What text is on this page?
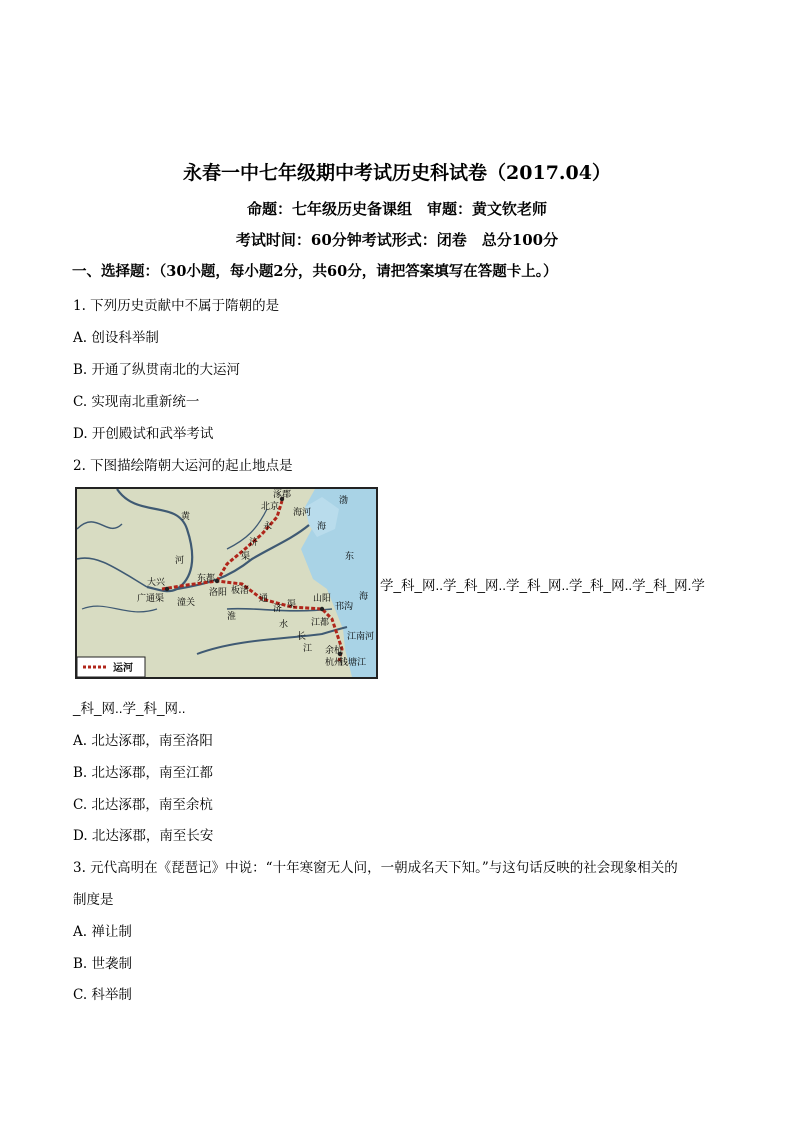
永春一中七年级期中考试历史科试卷（2017.04）
命题：七年级历史备课组　审题：黄文钦老师
考试时间：60分钟考试形式：闭卷　总分100分
一、选择题：（30小题，每小题2分，共60分，请把答案填写在答题卡上。）
1. 下列历史贡献中不属于隋朝的是
A. 创设科举制
B. 开通了纵贯南北的大运河
C. 实现南北重新统一
D. 开创殿试和武举考试
2. 下图描绘隋朝大运河的起止地点是
涿郡
北京
海河
渤
海
黄
河
永
济
渠
大兴
潼关
东都
洛阳 板渚
通
济 渠
广通渠	山阳
邗沟
江都
淮
水
长
江
东
海
江南河
余杭
杭州
钱塘江
运河
学_科_网..学_科_网..学_科_网..学_科_网..学_科_网.学
_科_网..学_科_网..
A. 北达涿郡，南至洛阳
B. 北达涿郡，南至江都
C. 北达涿郡，南至余杭
D. 北达涿郡，南至长安
3. 元代高明在《琵琶记》中说：“十年寒窗无人问，一朝成名天下知。”与这句话反映的社会现象相关的
制度是
A. 禅让制
B. 世袭制
C. 科举制
